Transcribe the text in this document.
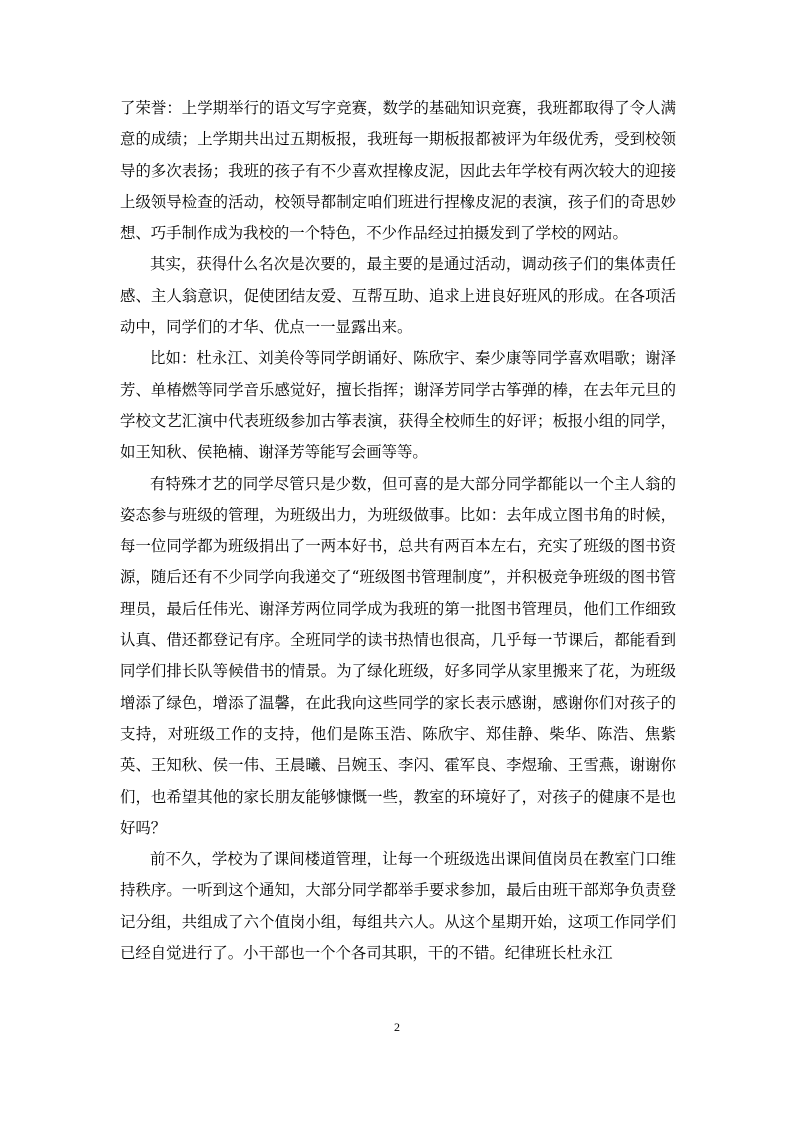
了荣誉：上学期举行的语文写字竞赛，数学的基础知识竞赛，我班都取得了令人满意的成绩；上学期共出过五期板报，我班每一期板报都被评为年级优秀，受到校领导的多次表扬；我班的孩子有不少喜欢捏橡皮泥，因此去年学校有两次较大的迎接上级领导检查的活动，校领导都制定咱们班进行捏橡皮泥的表演，孩子们的奇思妙想、巧手制作成为我校的一个特色，不少作品经过拍摄发到了学校的网站。

其实，获得什么名次是次要的，最主要的是通过活动，调动孩子们的集体责任感、主人翁意识，促使团结友爱、互帮互助、追求上进良好班风的形成。在各项活动中，同学们的才华、优点一一显露出来。

比如：杜永江、刘美伶等同学朗诵好、陈欣宇、秦少康等同学喜欢唱歌；谢泽芳、单椿燃等同学音乐感觉好，擅长指挥；谢泽芳同学古筝弹的棒，在去年元旦的学校文艺汇演中代表班级参加古筝表演，获得全校师生的好评；板报小组的同学，如王知秋、侯艳楠、谢泽芳等能写会画等等。

有特殊才艺的同学尽管只是少数，但可喜的是大部分同学都能以一个主人翁的姿态参与班级的管理，为班级出力，为班级做事。比如：去年成立图书角的时候，每一位同学都为班级捐出了一两本好书，总共有两百本左右，充实了班级的图书资源，随后还有不少同学向我递交了“班级图书管理制度”，并积极竞争班级的图书管理员，最后任伟光、谢泽芳两位同学成为我班的第一批图书管理员，他们工作细致认真、借还都登记有序。全班同学的读书热情也很高，几乎每一节课后，都能看到同学们排长队等候借书的情景。为了绿化班级，好多同学从家里搬来了花，为班级增添了绿色，增添了温馨，在此我向这些同学的家长表示感谢，感谢你们对孩子的支持，对班级工作的支持，他们是陈玉浩、陈欣宇、郑佳静、柴华、陈浩、焦紫英、王知秋、侯一伟、王晨曦、吕婉玉、李闪、霍军良、李煜瑜、王雪燕，谢谢你们，也希望其他的家长朋友能够慷慨一些，教室的环境好了，对孩子的健康不是也好吗？

前不久，学校为了课间楼道管理，让每一个班级选出课间值岗员在教室门口维持秩序。一听到这个通知，大部分同学都举手要求参加，最后由班干部郑争负责登记分组，共组成了六个值岗小组，每组共六人。从这个星期开始，这项工作同学们已经自觉进行了。小干部也一个个各司其职，干的不错。纪律班长杜永江

2
